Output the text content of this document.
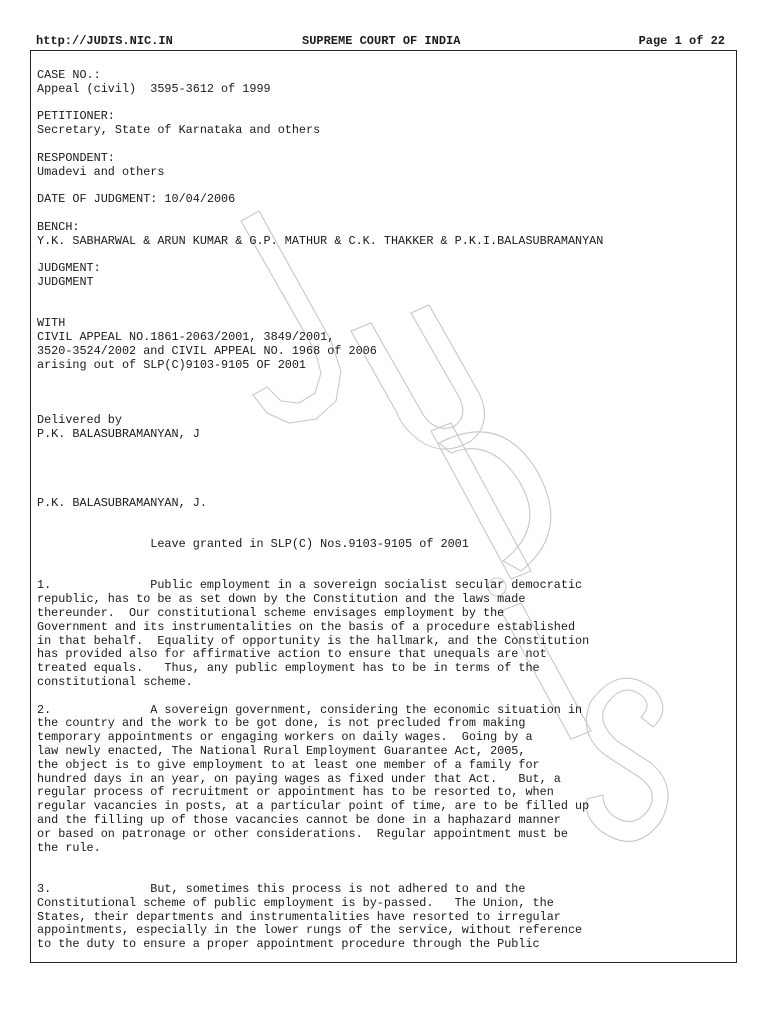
http://JUDIS.NIC.IN	SUPREME COURT OF INDIA	Page 1 of 22
CASE NO.:
Appeal (civil)  3595-3612 of 1999
PETITIONER:
Secretary, State of Karnataka and others
RESPONDENT:
Umadevi and others
DATE OF JUDGMENT: 10/04/2006
BENCH:
Y.K. SABHARWAL & ARUN KUMAR & G.P. MATHUR & C.K. THAKKER & P.K.I.BALASUBRAMANYAN
JUDGMENT:
JUDGMENT
WITH
CIVIL APPEAL NO.1861-2063/2001, 3849/2001,
3520-3524/2002 and CIVIL APPEAL NO. 1968 of 2006
arising out of SLP(C)9103-9105 OF 2001
Delivered by
P.K. BALASUBRAMANYAN, J
P.K. BALASUBRAMANYAN, J.
Leave granted in SLP(C) Nos.9103-9105 of 2001
1.              Public employment in a sovereign socialist secular democratic
republic, has to be as set down by the Constitution and the laws made
thereunder.  Our constitutional scheme envisages employment by the
Government and its instrumentalities on the basis of a procedure established
in that behalf.  Equality of opportunity is the hallmark, and the Constitution
has provided also for affirmative action to ensure that unequals are not
treated equals.   Thus, any public employment has to be in terms of the
constitutional scheme.
2.              A sovereign government, considering the economic situation in
the country and the work to be got done, is not precluded from making
temporary appointments or engaging workers on daily wages.  Going by a
law newly enacted, The National Rural Employment Guarantee Act, 2005,
the object is to give employment to at least one member of a family for
hundred days in an year, on paying wages as fixed under that Act.   But, a
regular process of recruitment or appointment has to be resorted to, when
regular vacancies in posts, at a particular point of time, are to be filled up
and the filling up of those vacancies cannot be done in a haphazard manner
or based on patronage or other considerations.  Regular appointment must be
the rule.
3.              But, sometimes this process is not adhered to and the
Constitutional scheme of public employment is by-passed.   The Union, the
States, their departments and instrumentalities have resorted to irregular
appointments, especially in the lower rungs of the service, without reference
to the duty to ensure a proper appointment procedure through the Public
